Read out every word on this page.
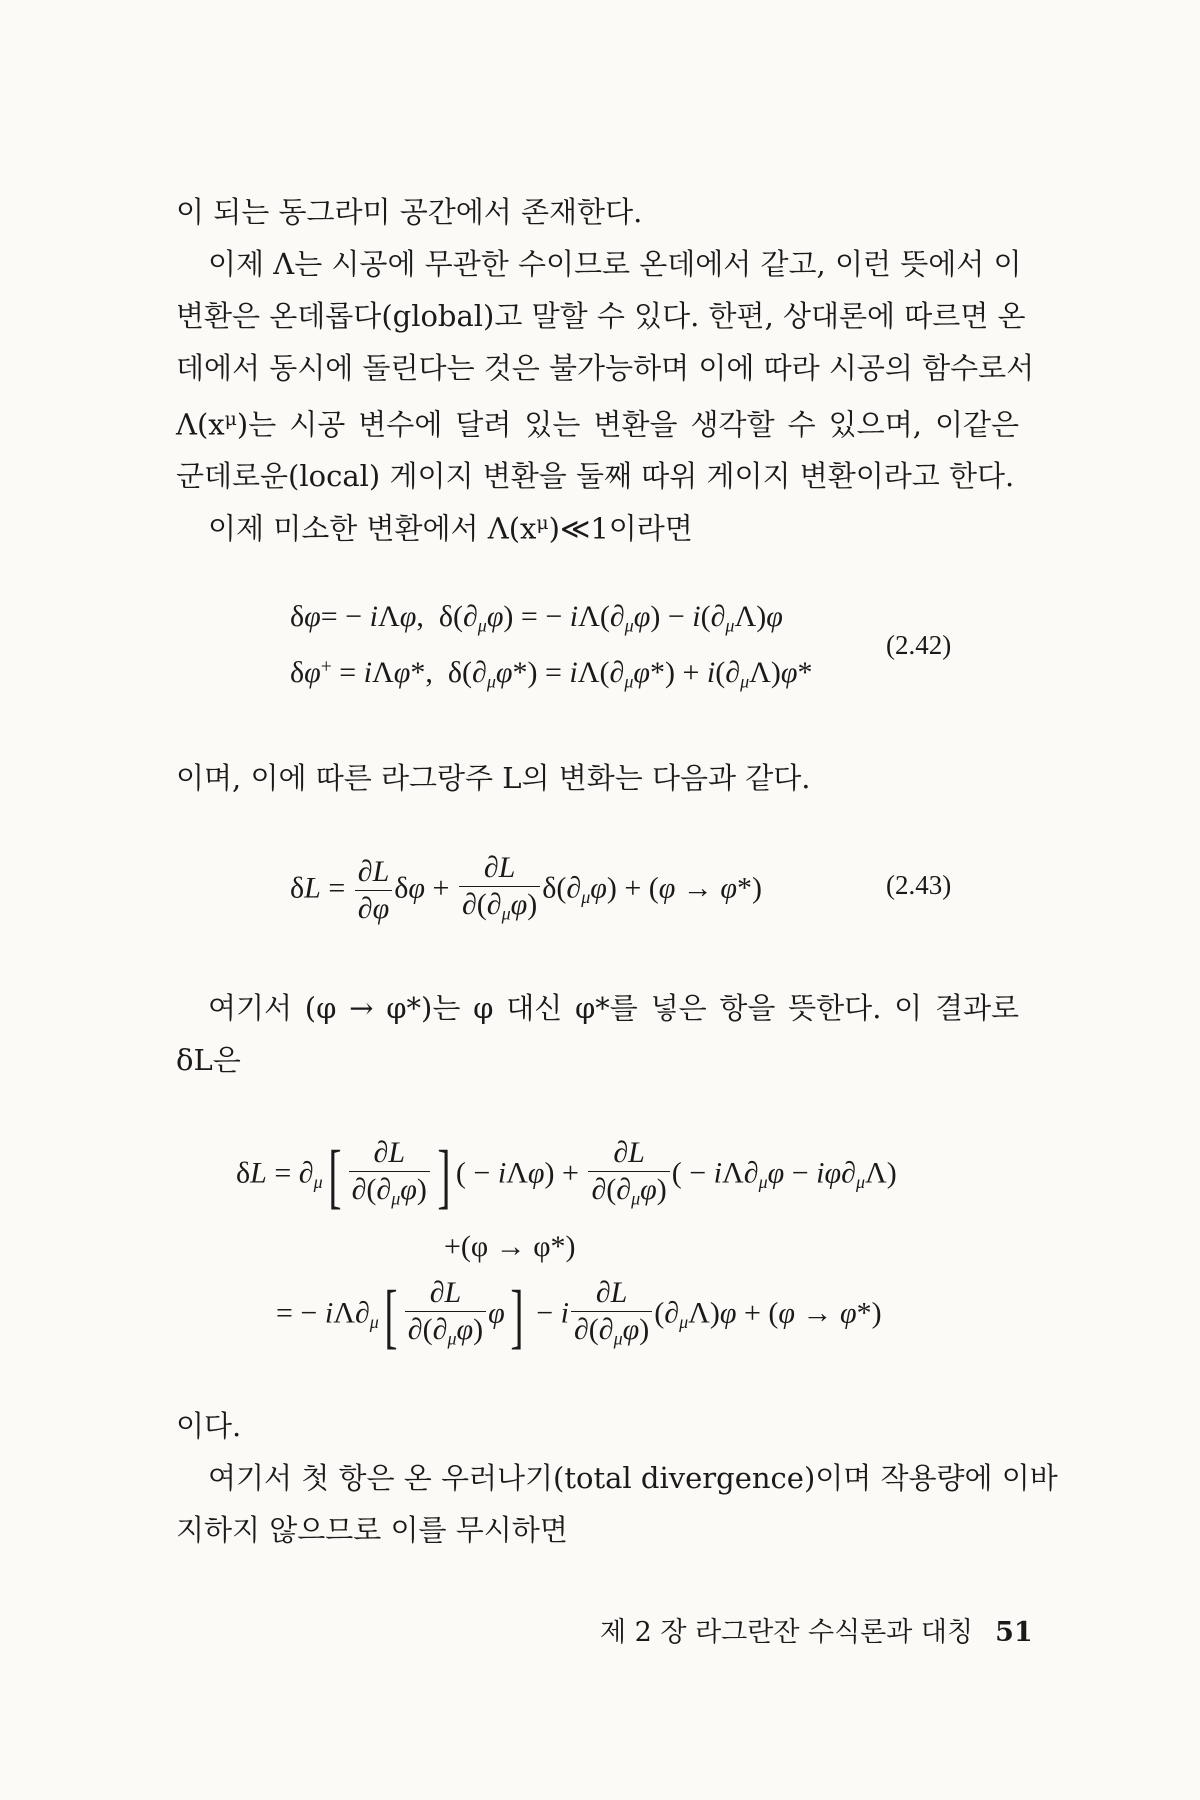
이 되는 동그라미 공간에서 존재한다.
이제 Λ는 시공에 무관한 수이므로 온데에서 같고, 이런 뜻에서 이
변환은 온데롭다(global)고 말할 수 있다. 한편, 상대론에 따르면 온
데에서 동시에 돌린다는 것은 불가능하며 이에 따라 시공의 함수로서
$\Lambda(x^\mu)$는 시공 변수에 달려 있는 변환을 생각할 수 있으며, 이같은
군데로운(local) 게이지 변환을 둘째 따위 게이지 변환이라고 한다.
이제 미소한 변환에서 $\Lambda(x^\mu)≪1$이라면
δφ= − iΛφ,  $\delta(\partial_\mu\varphi)$ = − $i\Lambda(\partial_\mu\varphi) - i(\partial_\mu\Lambda)\varphi$
δφ+ = iΛφ*,  $\delta(\partial_\mu\varphi*) = i\Lambda(\partial_\mu\varphi*) + i(\partial_\mu\Lambda)\varphi*$
(2.42)
이며, 이에 따른 라그랑주 L의 변화는 다음과 같다.
$\delta L = \frac{\partial L}{\partial\varphi}$ $\delta\varphi + \frac{\partial L}{\partial(\partial_\mu\varphi)} \delta(\partial_\mu\varphi) + (\varphi \to \varphi*)$	(2.43)
여기서 (φ → φ*)는 φ 대신 φ*를 넣은 항을 뜻한다. 이 결과로
δL은
$\delta L = \partial_\mu[ \frac{\partial L}{\partial(\partial_\mu\varphi)}$ ] ( − $i\Lambda\varphi) + \frac{\partial L}{\partial(\partial_\mu\varphi)}$ ( − $i\Lambda\partial_\mu\varphi - i\varphi\partial_\mu\Lambda$)
+(φ → φ*)
= − $i\Lambda\partial_\mu[ \frac{\partial L}{\partial(\partial_\mu\varphi)} \varphi] - i \frac{\partial L}{\partial(\partial_\mu\varphi)} (\partial_\mu\Lambda)\varphi + (\varphi \to \varphi*)$
이다.
여기서 첫 항은 온 우러나기(total divergence)이며 작용량에 이바
지하지 않으므로 이를 무시하면
제 2 장 라그란잔 수식론과 대칭 51
